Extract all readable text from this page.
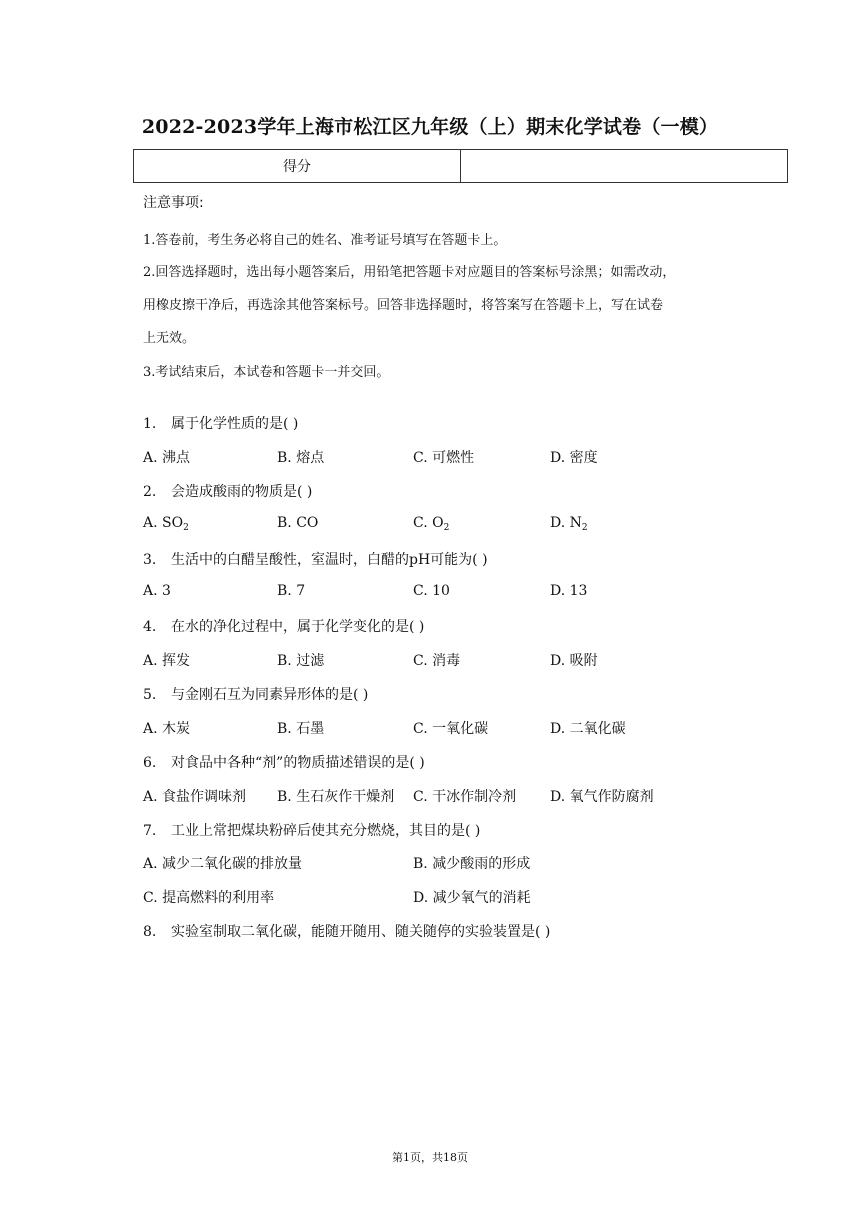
2022-2023学年上海市松江区九年级（上）期末化学试卷（一模）
得分	
注意事项:
1.答卷前，考生务必将自己的姓名、准考证号填写在答题卡上。
2.回答选择题时，选出每小题答案后，用铅笔把答题卡对应题目的答案标号涂黑；如需改动，
用橡皮擦干净后，再选涂其他答案标号。回答非选择题时，将答案写在答题卡上，写在试卷
上无效。
3.考试结束后，本试卷和答题卡一并交回。
1. 属于化学性质的是( )
A. 沸点	B. 熔点	C. 可燃性	D. 密度
2. 会造成酸雨的物质是( )
A. $SO_2$	B. CO	C. $O_2$	D. $N_2$
3. 生活中的白醋呈酸性，室温时，白醋的pH可能为( )
A. 3	B. 7	C. 10	D. 13
4. 在水的净化过程中，属于化学变化的是( )
A. 挥发	B. 过滤	C. 消毒	D. 吸附
5. 与金刚石互为同素异形体的是( )
A. 木炭	B. 石墨	C. 一氧化碳	D. 二氧化碳
6. 对食品中各种“剂”的物质描述错误的是( )
A. 食盐作调味剂 B. 生石灰作干燥剂 C. 干冰作制冷剂 D. 氧气作防腐剂
7. 工业上常把煤块粉碎后使其充分燃烧，其目的是( )
A. 减少二氧化碳的排放量	B. 减少酸雨的形成
C. 提高燃料的利用率	D. 减少氧气的消耗
8. 实验室制取二氧化碳，能随开随用、随关随停的实验装置是( )
第1页，共18页
